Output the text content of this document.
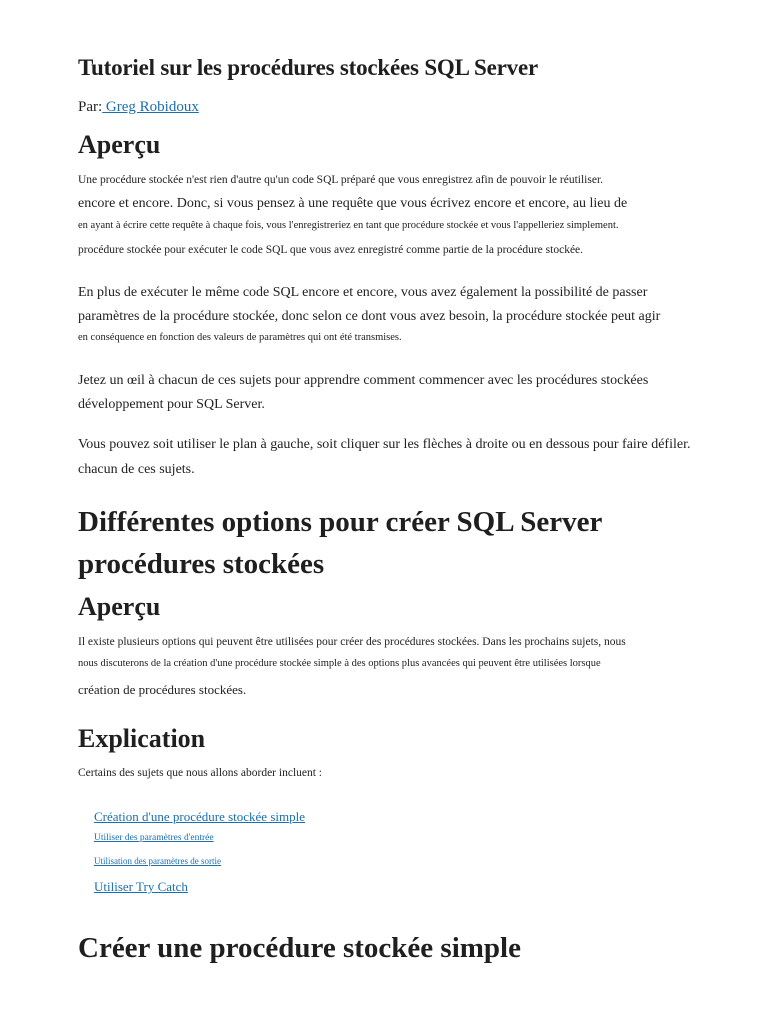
Tutoriel sur les procédures stockées SQL Server
Par: Greg Robidoux
Aperçu
Une procédure stockée n'est rien d'autre qu'un code SQL préparé que vous enregistrez afin de pouvoir le réutiliser.
encore et encore. Donc, si vous pensez à une requête que vous écrivez encore et encore, au lieu de
en ayant à écrire cette requête à chaque fois, vous l'enregistreriez en tant que procédure stockée et vous l'appelleriez simplement.
procédure stockée pour exécuter le code SQL que vous avez enregistré comme partie de la procédure stockée.
En plus de exécuter le même code SQL encore et encore, vous avez également la possibilité de passer
paramètres de la procédure stockée, donc selon ce dont vous avez besoin, la procédure stockée peut agir
en conséquence en fonction des valeurs de paramètres qui ont été transmises.
Jetez un œil à chacun de ces sujets pour apprendre comment commencer avec les procédures stockées
développement pour SQL Server.
Vous pouvez soit utiliser le plan à gauche, soit cliquer sur les flèches à droite ou en dessous pour faire défiler.
chacun de ces sujets.
Différentes options pour créer SQL Server
procédures stockées
Aperçu
Il existe plusieurs options qui peuvent être utilisées pour créer des procédures stockées. Dans les prochains sujets, nous
nous discuterons de la création d'une procédure stockée simple à des options plus avancées qui peuvent être utilisées lorsque
création de procédures stockées.
Explication
Certains des sujets que nous allons aborder incluent :
Création d'une procédure stockée simple
Utiliser des paramètres d'entrée
Utilisation des paramètres de sortie
Utiliser Try Catch
Créer une procédure stockée simple
